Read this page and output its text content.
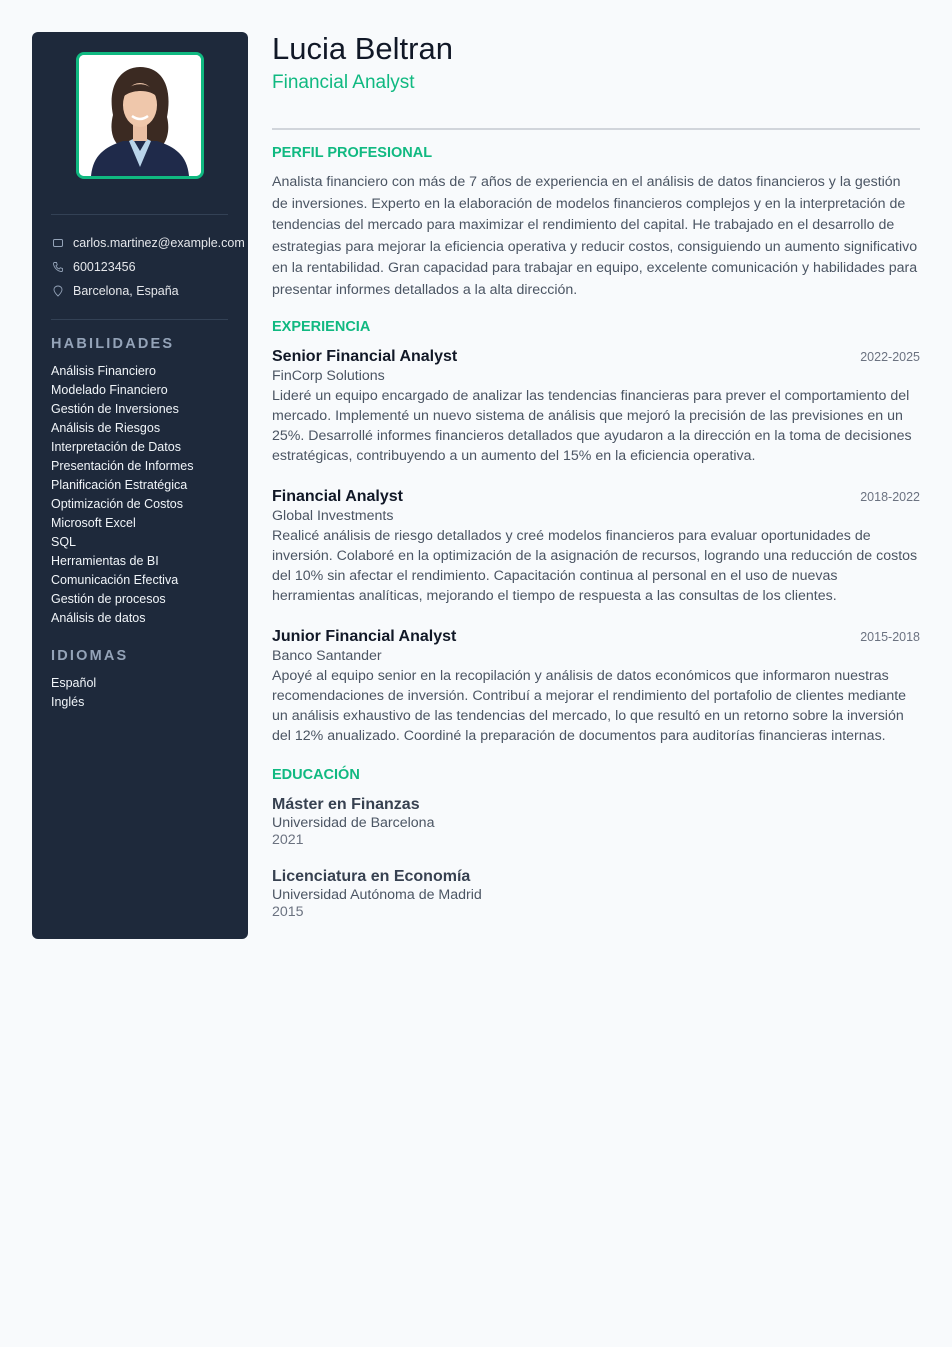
carlos.martinez@example.com
600123456
Barcelona, España
HABILIDADES
Análisis Financiero
Modelado Financiero
Gestión de Inversiones
Análisis de Riesgos
Interpretación de Datos
Presentación de Informes
Planificación Estratégica
Optimización de Costos
Microsoft Excel
SQL
Herramientas de BI
Comunicación Efectiva
Gestión de procesos
Análisis de datos
IDIOMAS
Español
Inglés
Lucia Beltran
Financial Analyst
PERFIL PROFESIONAL

Analista financiero con más de 7 años de experiencia en el análisis de datos financieros y la gestión de inversiones. Experto en la elaboración de modelos financieros complejos y en la interpretación de tendencias del mercado para maximizar el rendimiento del capital. He trabajado en el desarrollo de estrategias para mejorar la eficiencia operativa y reducir costos, consiguiendo un aumento significativo en la rentabilidad. Gran capacidad para trabajar en equipo, excelente comunicación y habilidades para presentar informes detallados a la alta dirección.

EXPERIENCIA
Senior Financial Analyst	2022-2025
FinCorp Solutions

Lideré un equipo encargado de analizar las tendencias financieras para prever el comportamiento del mercado. Implementé un nuevo sistema de análisis que mejoró la precisión de las previsiones en un 25%. Desarrollé informes financieros detallados que ayudaron a la dirección en la toma de decisiones estratégicas, contribuyendo a un aumento del 15% en la eficiencia operativa.

Financial Analyst	2018-2022
Global Investments

Realicé análisis de riesgo detallados y creé modelos financieros para evaluar oportunidades de inversión. Colaboré en la optimización de la asignación de recursos, logrando una reducción de costos del 10% sin afectar el rendimiento. Capacitación continua al personal en el uso de nuevas herramientas analíticas, mejorando el tiempo de respuesta a las consultas de los clientes.

Junior Financial Analyst	2015-2018
Banco Santander

Apoyé al equipo senior en la recopilación y análisis de datos económicos que informaron nuestras recomendaciones de inversión. Contribuí a mejorar el rendimiento del portafolio de clientes mediante un análisis exhaustivo de las tendencias del mercado, lo que resultó en un retorno sobre la inversión del 12% anualizado. Coordiné la preparación de documentos para auditorías financieras internas.

EDUCACIÓN
Máster en Finanzas
Universidad de Barcelona
2021
Licenciatura en Economía
Universidad Autónoma de Madrid
2015
